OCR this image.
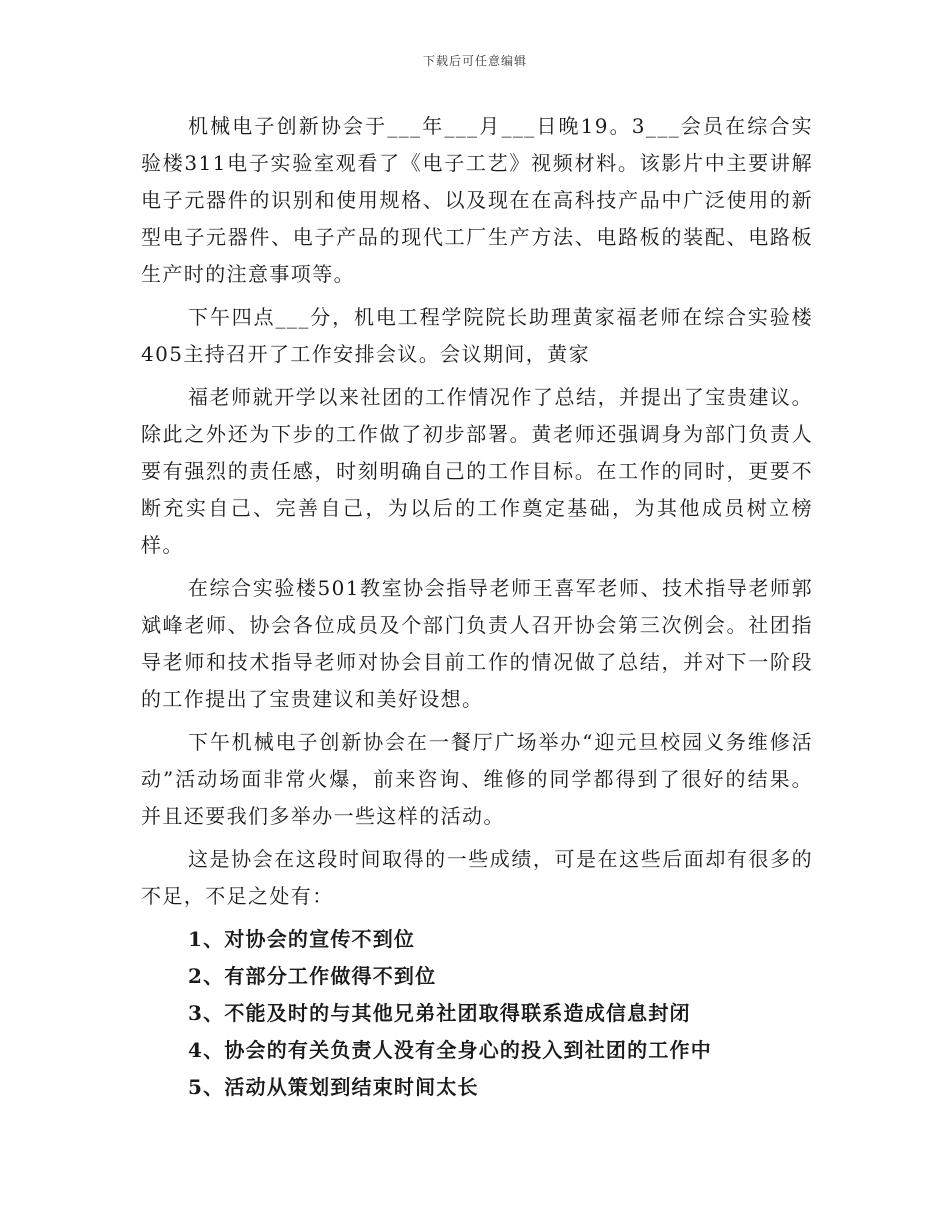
下载后可任意编辑

机械电子创新协会于___年___月___日晚19。3___会员在综合实验楼311电子实验室观看了《电子工艺》视频材料。该影片中主要讲解电子元器件的识别和使用规格、以及现在在高科技产品中广泛使用的新型电子元器件、电子产品的现代工厂生产方法、电路板的装配、电路板生产时的注意事项等。

下午四点___分，机电工程学院院长助理黄家福老师在综合实验楼405主持召开了工作安排会议。会议期间，黄家

福老师就开学以来社团的工作情况作了总结，并提出了宝贵建议。除此之外还为下步的工作做了初步部署。黄老师还强调身为部门负责人要有强烈的责任感，时刻明确自己的工作目标。在工作的同时，更要不断充实自己、完善自己，为以后的工作奠定基础，为其他成员树立榜样。

在综合实验楼501教室协会指导老师王喜军老师、技术指导老师郭斌峰老师、协会各位成员及个部门负责人召开协会第三次例会。社团指导老师和技术指导老师对协会目前工作的情况做了总结，并对下一阶段的工作提出了宝贵建议和美好设想。

下午机械电子创新协会在一餐厅广场举办“迎元旦校园义务维修活动”活动场面非常火爆，前来咨询、维修的同学都得到了很好的结果。并且还要我们多举办一些这样的活动。

这是协会在这段时间取得的一些成绩，可是在这些后面却有很多的不足，不足之处有：

1、对协会的宣传不到位
2、有部分工作做得不到位
3、不能及时的与其他兄弟社团取得联系造成信息封闭
4、协会的有关负责人没有全身心的投入到社团的工作中
5、活动从策划到结束时间太长
